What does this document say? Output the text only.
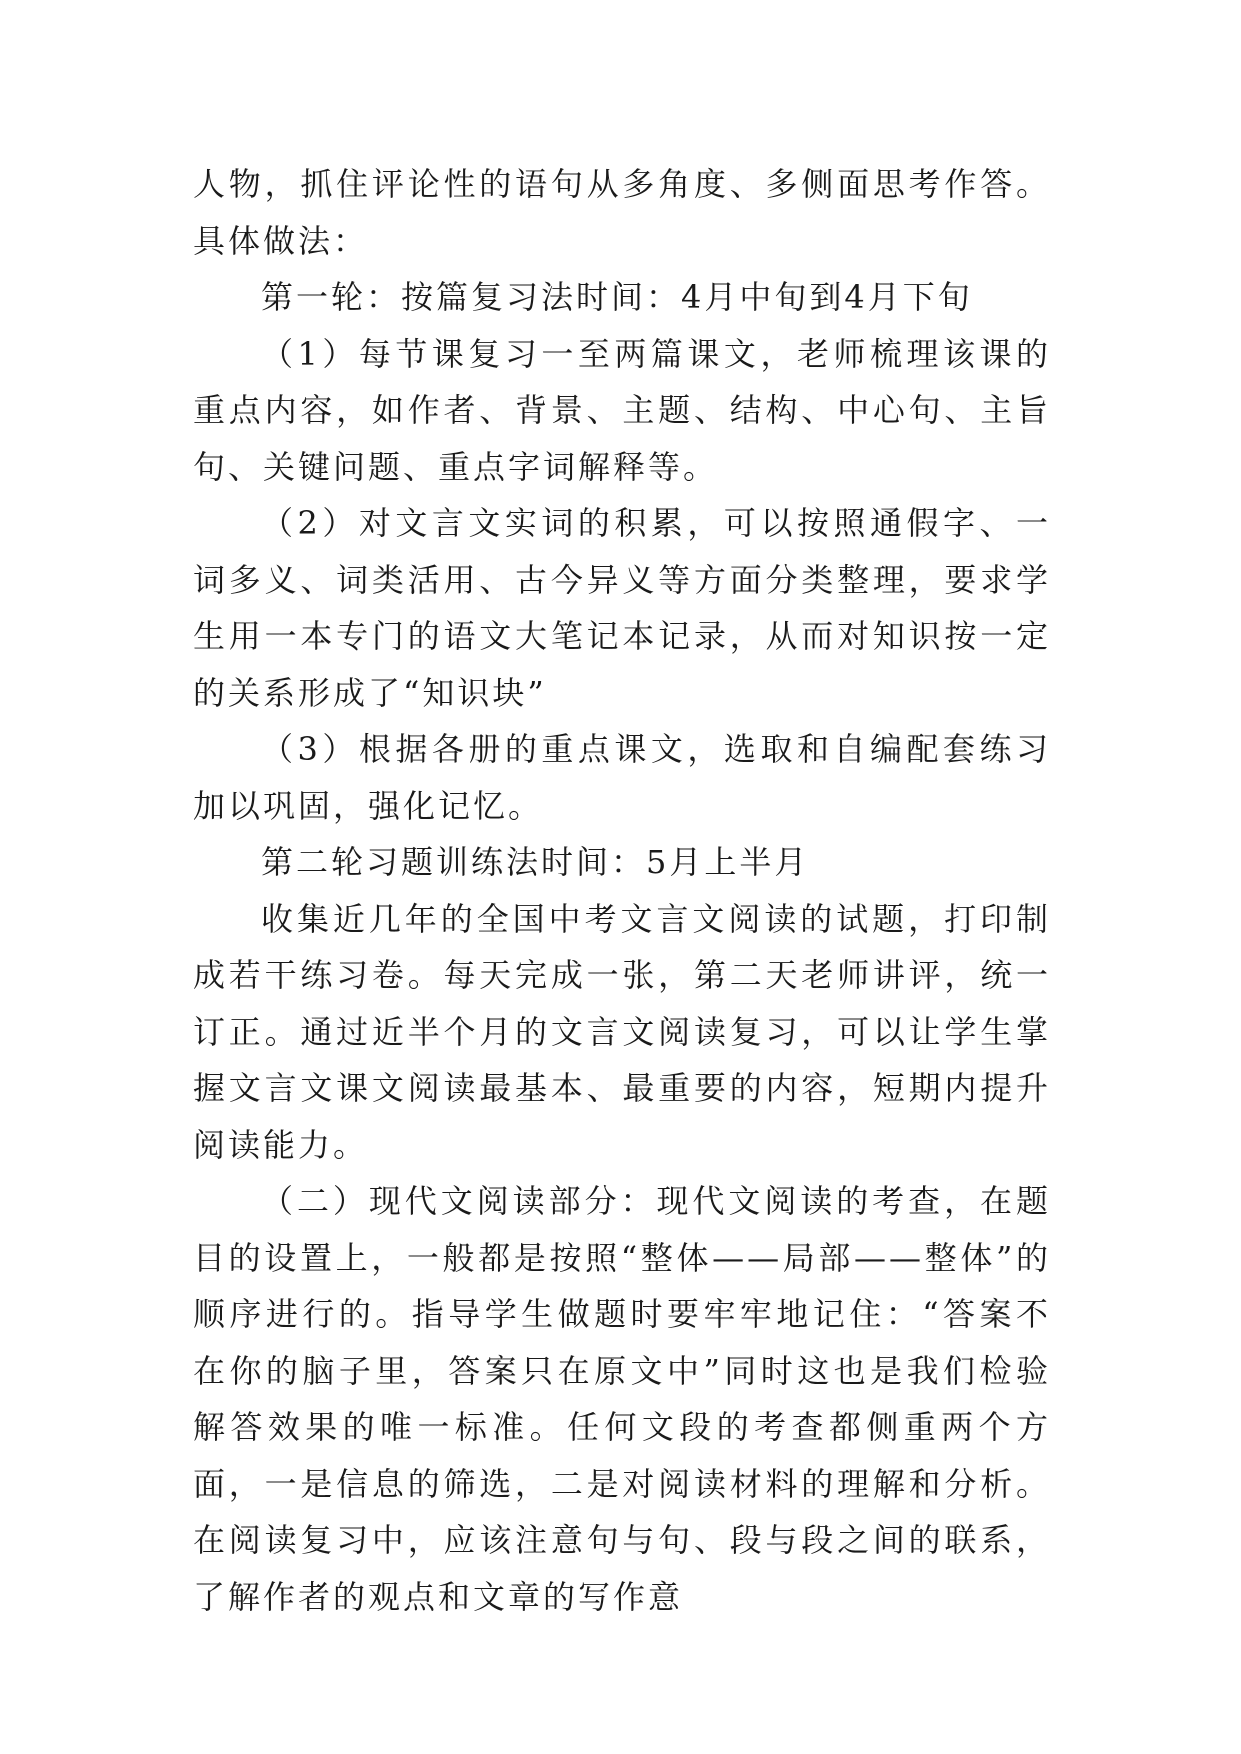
人物，抓住评论性的语句从多角度、多侧面思考作答。具体做法：

第一轮：按篇复习法时间：4月中旬到4月下旬

（1）每节课复习一至两篇课文，老师梳理该课的重点内容，如作者、背景、主题、结构、中心句、主旨句、关键问题、重点字词解释等。

（2）对文言文实词的积累，可以按照通假字、一词多义、词类活用、古今异义等方面分类整理，要求学生用一本专门的语文大笔记本记录，从而对知识按一定的关系形成了“知识块”

（3）根据各册的重点课文，选取和自编配套练习加以巩固，强化记忆。

第二轮习题训练法时间：5月上半月

收集近几年的全国中考文言文阅读的试题，打印制成若干练习卷。每天完成一张，第二天老师讲评，统一订正。通过近半个月的文言文阅读复习，可以让学生掌握文言文课文阅读最基本、最重要的内容，短期内提升阅读能力。

（二）现代文阅读部分：现代文阅读的考查，在题目的设置上，一般都是按照“整体——局部——整体”的顺序进行的。指导学生做题时要牢牢地记住：“答案不在你的脑子里，答案只在原文中”同时这也是我们检验解答效果的唯一标准。任何文段的考查都侧重两个方面，一是信息的筛选，二是对阅读材料的理解和分析。在阅读复习中，应该注意句与句、段与段之间的联系，了解作者的观点和文章的写作意
